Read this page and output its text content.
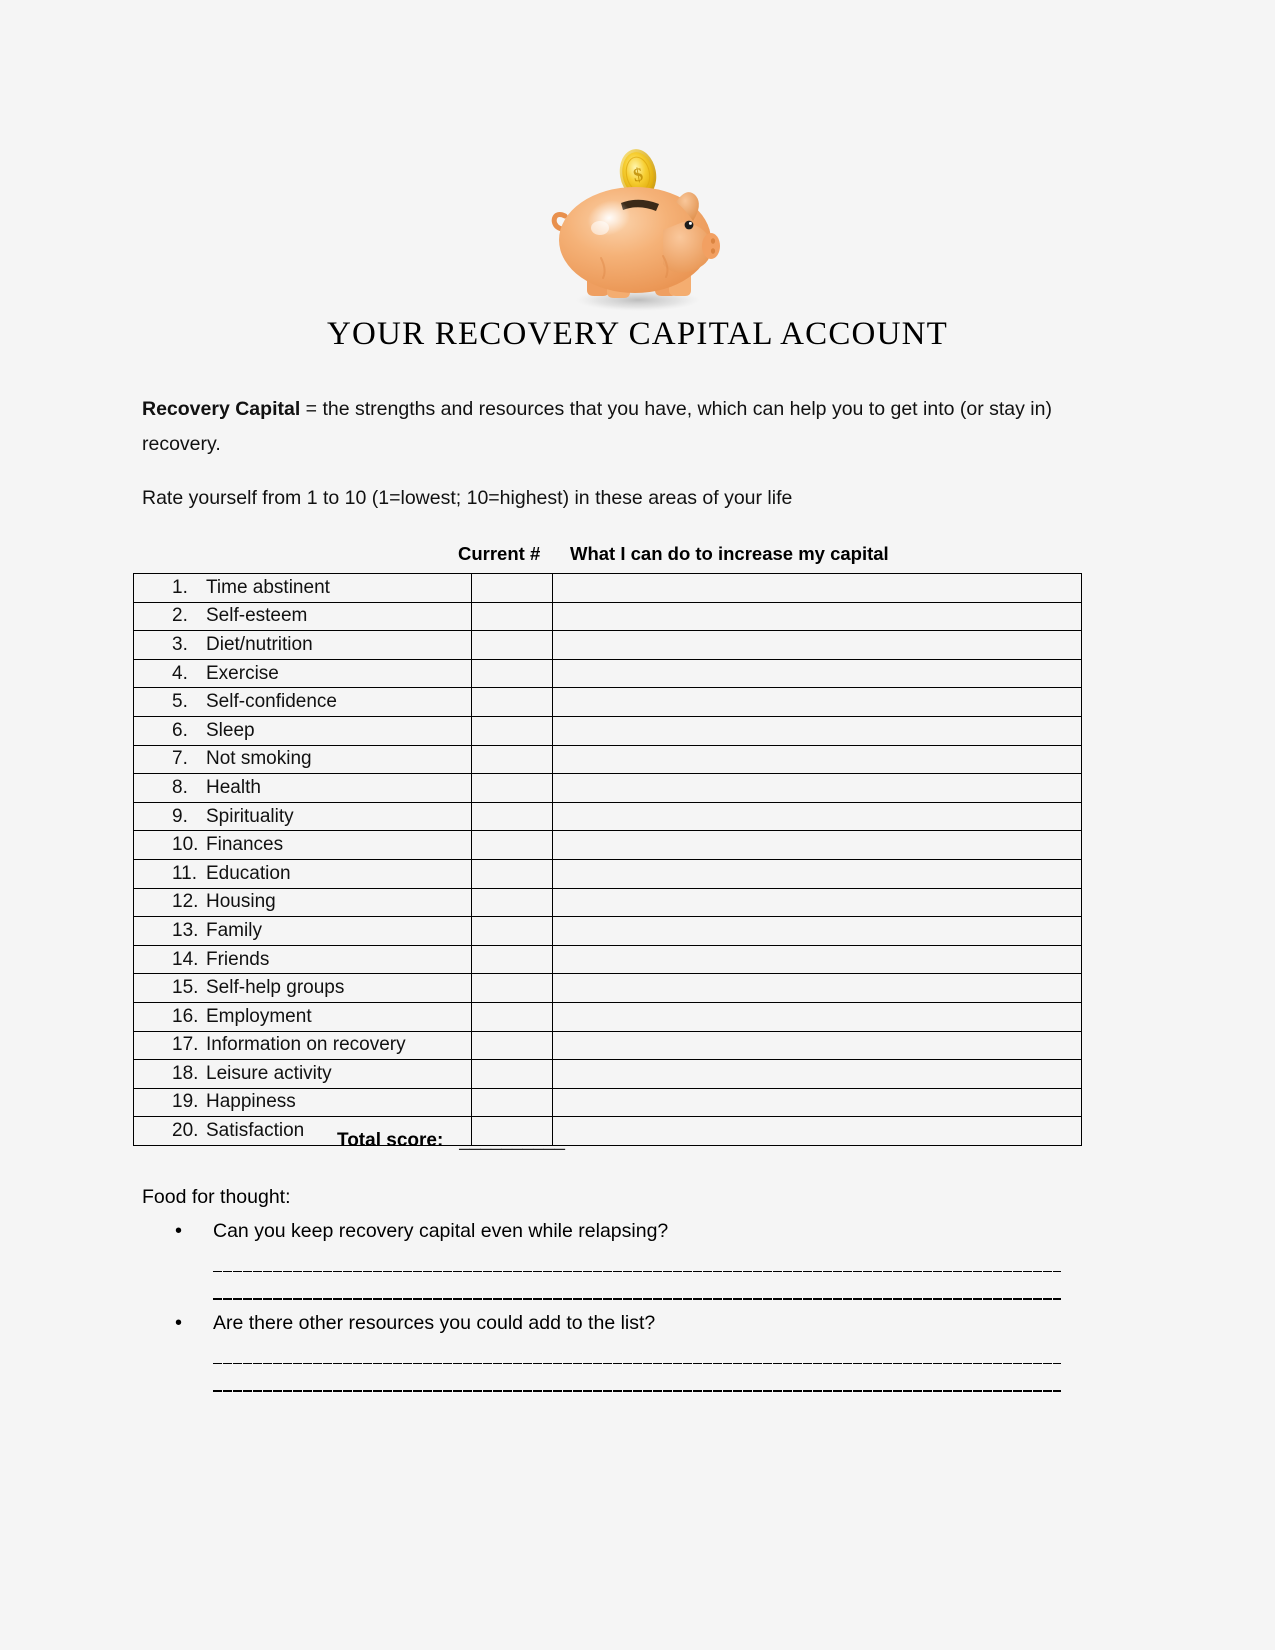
$
YOUR RECOVERY CAPITAL ACCOUNT
Recovery Capital = the strengths and resources that you have, which can help you to get into (or stay in) recovery.
Rate yourself from 1 to 10 (1=lowest; 10=highest) in these areas of your life
Current # What I can do to increase my capital
1. Time abstinent		

2. Self-esteem		

3. Diet/nutrition		

4. Exercise		

5. Self-confidence		

6. Sleep		

7. Not smoking		

8. Health		

9. Spirituality		

10. Finances		

11. Education		

12. Housing		

13. Family		

14. Friends		

15. Self-help groups		

16. Employment		

17. Information on recovery		

18. Leisure activity		

19. Happiness		

20. Satisfaction		
		Total score: __________
Food for thought:
•	Can you keep recovery capital even while relapsing?
•	Are there other resources you could add to the list?
